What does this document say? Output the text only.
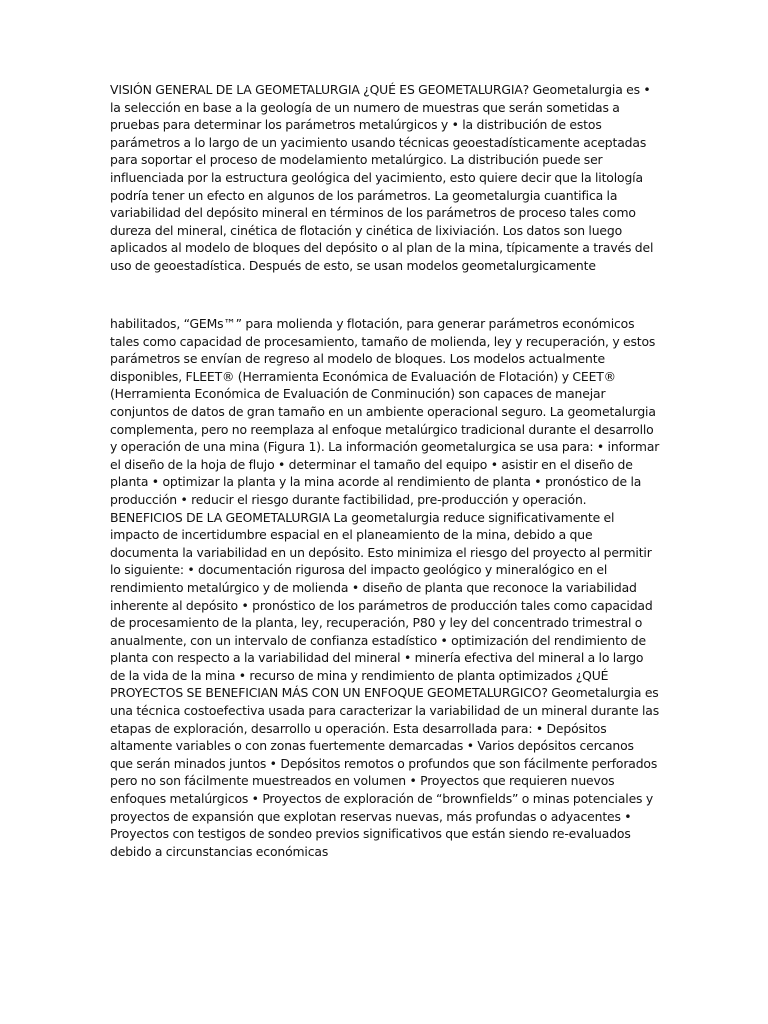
VISIÓN GENERAL DE LA GEOMETALURGIA ¿QUÉ ES GEOMETALURGIA? Geometalurgia es • la selección en base a la geología de un numero de muestras que serán sometidas a pruebas para determinar los parámetros metalúrgicos y • la distribución de estos parámetros a lo largo de un yacimiento usando técnicas geoestadísticamente aceptadas para soportar el proceso de modelamiento metalúrgico. La distribución puede ser influenciada por la estructura geológica del yacimiento, esto quiere decir que la litología podría tener un efecto en algunos de los parámetros. La geometalurgia cuantifica la variabilidad del depósito mineral en términos de los parámetros de proceso tales como dureza del mineral, cinética de flotación y cinética de lixiviación. Los datos son luego aplicados al modelo de bloques del depósito o al plan de la mina, típicamente a través del uso de geoestadística. Después de esto, se usan modelos geometalurgicamente

habilitados, “GEMs™” para molienda y flotación, para generar parámetros económicos tales como capacidad de procesamiento, tamaño de molienda, ley y recuperación, y estos parámetros se envían de regreso al modelo de bloques. Los modelos actualmente disponibles, FLEET® (Herramienta Económica de Evaluación de Flotación) y CEET® (Herramienta Económica de Evaluación de Conminución) son capaces de manejar conjuntos de datos de gran tamaño en un ambiente operacional seguro. La geometalurgia complementa, pero no reemplaza al enfoque metalúrgico tradicional durante el desarrollo y operación de una mina (Figura 1). La información geometalurgica se usa para: • informar el diseño de la hoja de flujo • determinar el tamaño del equipo • asistir en el diseño de planta • optimizar la planta y la mina acorde al rendimiento de planta • pronóstico de la producción • reducir el riesgo durante factibilidad, pre-producción y operación. BENEFICIOS DE LA GEOMETALURGIA La geometalurgia reduce significativamente el impacto de incertidumbre espacial en el planeamiento de la mina, debido a que documenta la variabilidad en un depósito. Esto minimiza el riesgo del proyecto al permitir lo siguiente: • documentación rigurosa del impacto geológico y mineralógico en el rendimiento metalúrgico y de molienda • diseño de planta que reconoce la variabilidad inherente al depósito • pronóstico de los parámetros de producción tales como capacidad de procesamiento de la planta, ley, recuperación, P80 y ley del concentrado trimestral o anualmente, con un intervalo de confianza estadístico • optimización del rendimiento de planta con respecto a la variabilidad del mineral • minería efectiva del mineral a lo largo de la vida de la mina • recurso de mina y rendimiento de planta optimizados ¿QUÉ PROYECTOS SE BENEFICIAN MÁS CON UN ENFOQUE GEOMETALURGICO? Geometalurgia es una técnica costoefectiva usada para caracterizar la variabilidad de un mineral durante las etapas de exploración, desarrollo u operación. Esta desarrollada para: • Depósitos altamente variables o con zonas fuertemente demarcadas • Varios depósitos cercanos que serán minados juntos • Depósitos remotos o profundos que son fácilmente perforados pero no son fácilmente muestreados en volumen • Proyectos que requieren nuevos enfoques metalúrgicos • Proyectos de exploración de “brownfields” o minas potenciales y proyectos de expansión que explotan reservas nuevas, más profundas o adyacentes • Proyectos con testigos de sondeo previos significativos que están siendo re-evaluados debido a circunstancias económicas
